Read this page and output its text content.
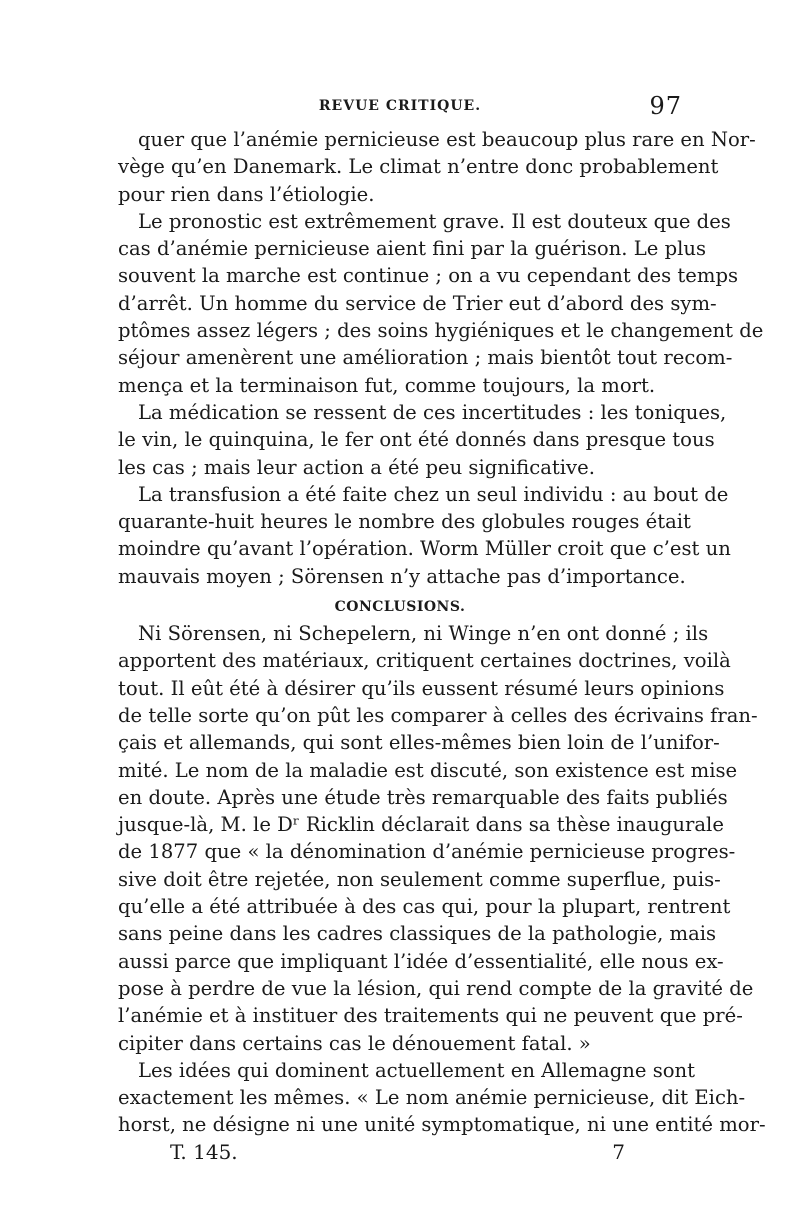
REVUE CRITIQUE.	97
quer que l’anémie pernicieuse est beaucoup plus rare en Nor-
vège qu’en Danemark. Le climat n’entre donc probablement
pour rien dans l’étiologie.
Le pronostic est extrêmement grave. Il est douteux que des
cas d’anémie pernicieuse aient fini par la guérison. Le plus
souvent la marche est continue ; on a vu cependant des temps
d’arrêt. Un homme du service de Trier eut d’abord des sym-
ptômes assez légers ; des soins hygiéniques et le changement de
séjour amenèrent une amélioration ; mais bientôt tout recom-
mença et la terminaison fut, comme toujours, la mort.
La médication se ressent de ces incertitudes : les toniques,
le vin, le quinquina, le fer ont été donnés dans presque tous
les cas ; mais leur action a été peu significative.
La transfusion a été faite chez un seul individu : au bout de
quarante-huit heures le nombre des globules rouges était
moindre qu’avant l’opération. Worm Müller croit que c’est un
mauvais moyen ; Sörensen n’y attache pas d’importance.
CONCLUSIONS.
Ni Sörensen, ni Schepelern, ni Winge n’en ont donné ; ils
apportent des matériaux, critiquent certaines doctrines, voilà
tout. Il eût été à désirer qu’ils eussent résumé leurs opinions
de telle sorte qu’on pût les comparer à celles des écrivains fran-
çais et allemands, qui sont elles-mêmes bien loin de l’unifor-
mité. Le nom de la maladie est discuté, son existence est mise
en doute. Après une étude très remarquable des faits publiés
jusque-là, M. le Dʳ Ricklin déclarait dans sa thèse inaugurale
de 1877 que « la dénomination d’anémie pernicieuse progres-
sive doit être rejetée, non seulement comme superflue, puis-
qu’elle a été attribuée à des cas qui, pour la plupart, rentrent
sans peine dans les cadres classiques de la pathologie, mais
aussi parce que impliquant l’idée d’essentialité, elle nous ex-
pose à perdre de vue la lésion, qui rend compte de la gravité de
l’anémie et à instituer des traitements qui ne peuvent que pré-
cipiter dans certains cas le dénouement fatal. »
Les idées qui dominent actuellement en Allemagne sont
exactement les mêmes. « Le nom anémie pernicieuse, dit Eich-
horst, ne désigne ni une unité symptomatique, ni une entité mor-
T. 145.	7
